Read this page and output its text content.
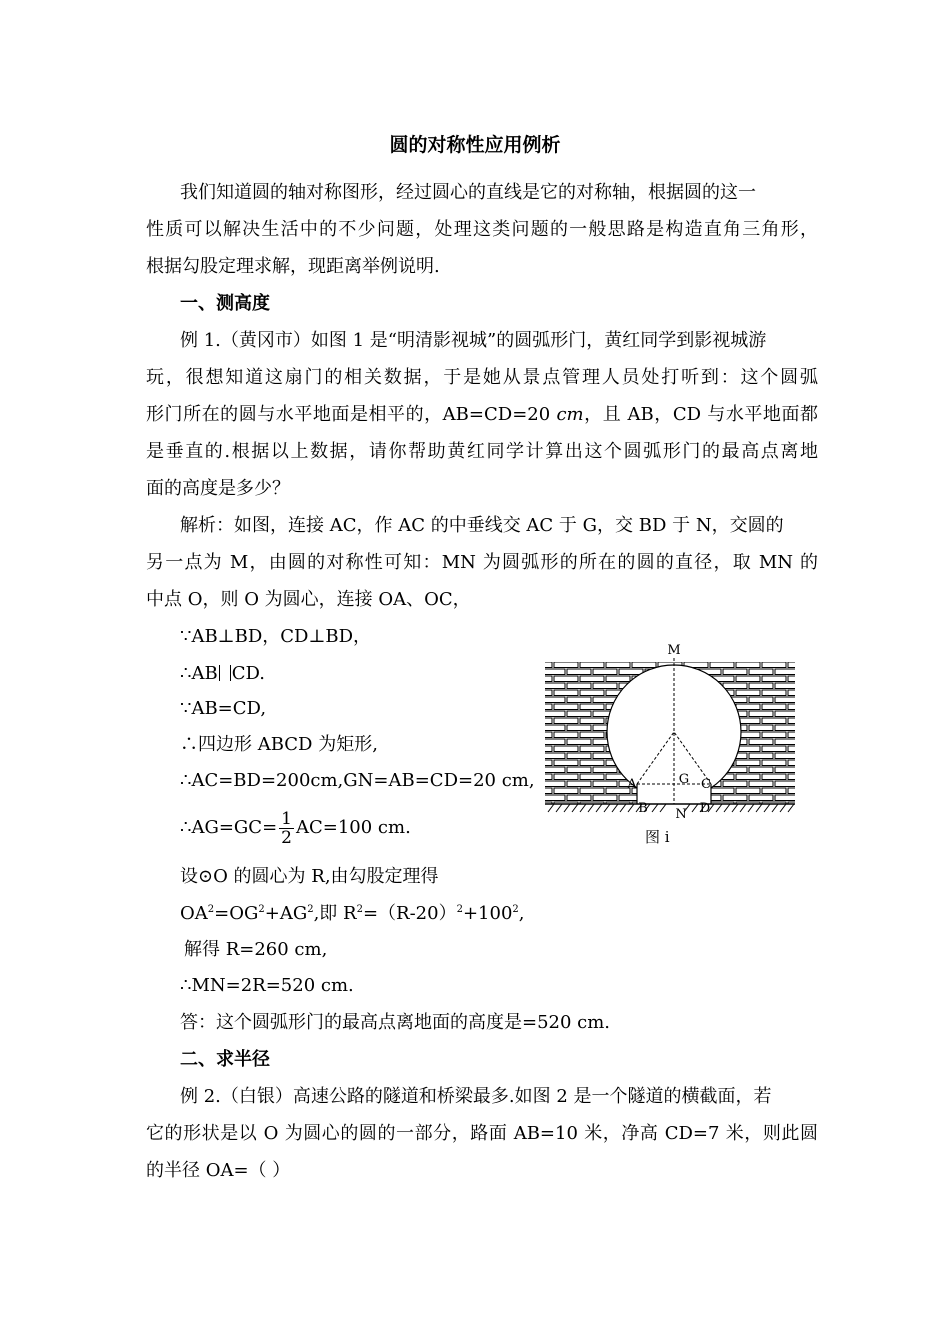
圆的对称性应用例析
我们知道圆的轴对称图形，经过圆心的直线是它的对称轴，根据圆的这一
性质可以解决生活中的不少问题，处理这类问题的一般思路是构造直角三角形，
根据勾股定理求解，现距离举例说明.
一、测高度
例 1.（黄冈市）如图 1 是“明清影视城”的圆弧形门，黄红同学到影视城游
玩，很想知道这扇门的相关数据，于是她从景点管理人员处打听到：这个圆弧
形门所在的圆与水平地面是相平的，AB=CD=20 cm，且 AB，CD 与水平地面都
是垂直的.根据以上数据，请你帮助黄红同学计算出这个圆弧形门的最高点离地
面的高度是多少？
解析：如图，连接 AC，作 AC 的中垂线交 AC 于 G，交 BD 于 N，交圆的
另一点为 M，由圆的对称性可知：MN 为圆弧形的所在的圆的直径，取 MN 的
中点 O，则 O 为圆心，连接 OA、OC，
∵AB⊥BD，CD⊥BD，
∴AB CD.
∵AB=CD,
∴四边形 ABCD 为矩形,
∴AC=BD=200cm,GN=AB=CD=20 cm,
∴AG=GC= $\frac{1}{2} AC=100$ cm.
设⊙O 的圆心为 R,由勾股定理得
$OA^2=OG^2+AG^2$,即 $R^2=(R-20)^2+100^2$,
解得 R=260 cm,
∴MN=2R=520 cm.
答：这个圆弧形门的最高点离地面的高度是=520 cm.
二、求半径
例 2.（白银）高速公路的隧道和桥梁最多.如图 2 是一个隧道的横截面，若
它的形状是以 O 为圆心的圆的一部分，路面 AB=10 米，净高 CD=7 米，则此圆
的半径 OA=（ ）
M
A	G C
B N D
图 i
